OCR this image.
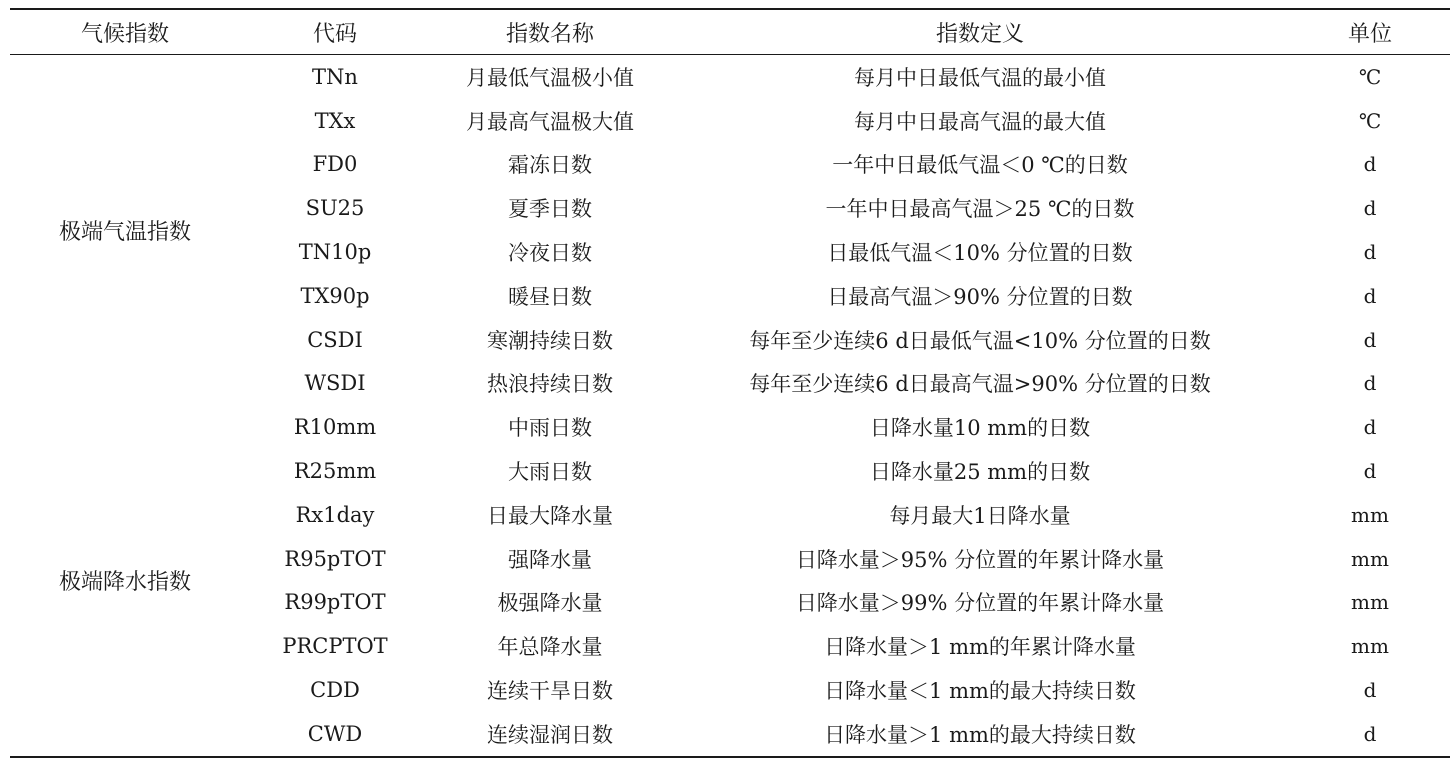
气候指数	代码	指数名称	指数定义	单位
极端气温指数	TNn	月最低气温极小值	每月中日最低气温的最小值	℃
	TXx	月最高气温极大值	每月中日最高气温的最大值	℃
	FD0	霜冻日数	一年中日最低气温＜0 ℃的日数	d
	SU25	夏季日数	一年中日最高气温＞25 ℃的日数	d
	TN10p	冷夜日数	日最低气温＜10% 分位置的日数	d
	TX90p	暖昼日数	日最高气温＞90% 分位置的日数	d
	CSDI	寒潮持续日数	每年至少连续6 d日最低气温<10% 分位置的日数	d
	WSDI	热浪持续日数	每年至少连续6 d日最高气温>90% 分位置的日数	d
极端降水指数	R10mm	中雨日数	日降水量10 mm的日数	d
	R25mm	大雨日数	日降水量25 mm的日数	d
	Rx1day	日最大降水量	每月最大1日降水量	mm
	R95pTOT	强降水量	日降水量＞95% 分位置的年累计降水量	mm
	R99pTOT	极强降水量	日降水量＞99% 分位置的年累计降水量	mm
	PRCPTOT	年总降水量	日降水量＞1 mm的年累计降水量	mm
	CDD	连续干旱日数	日降水量＜1 mm的最大持续日数	d
	CWD	连续湿润日数	日降水量＞1 mm的最大持续日数	d
